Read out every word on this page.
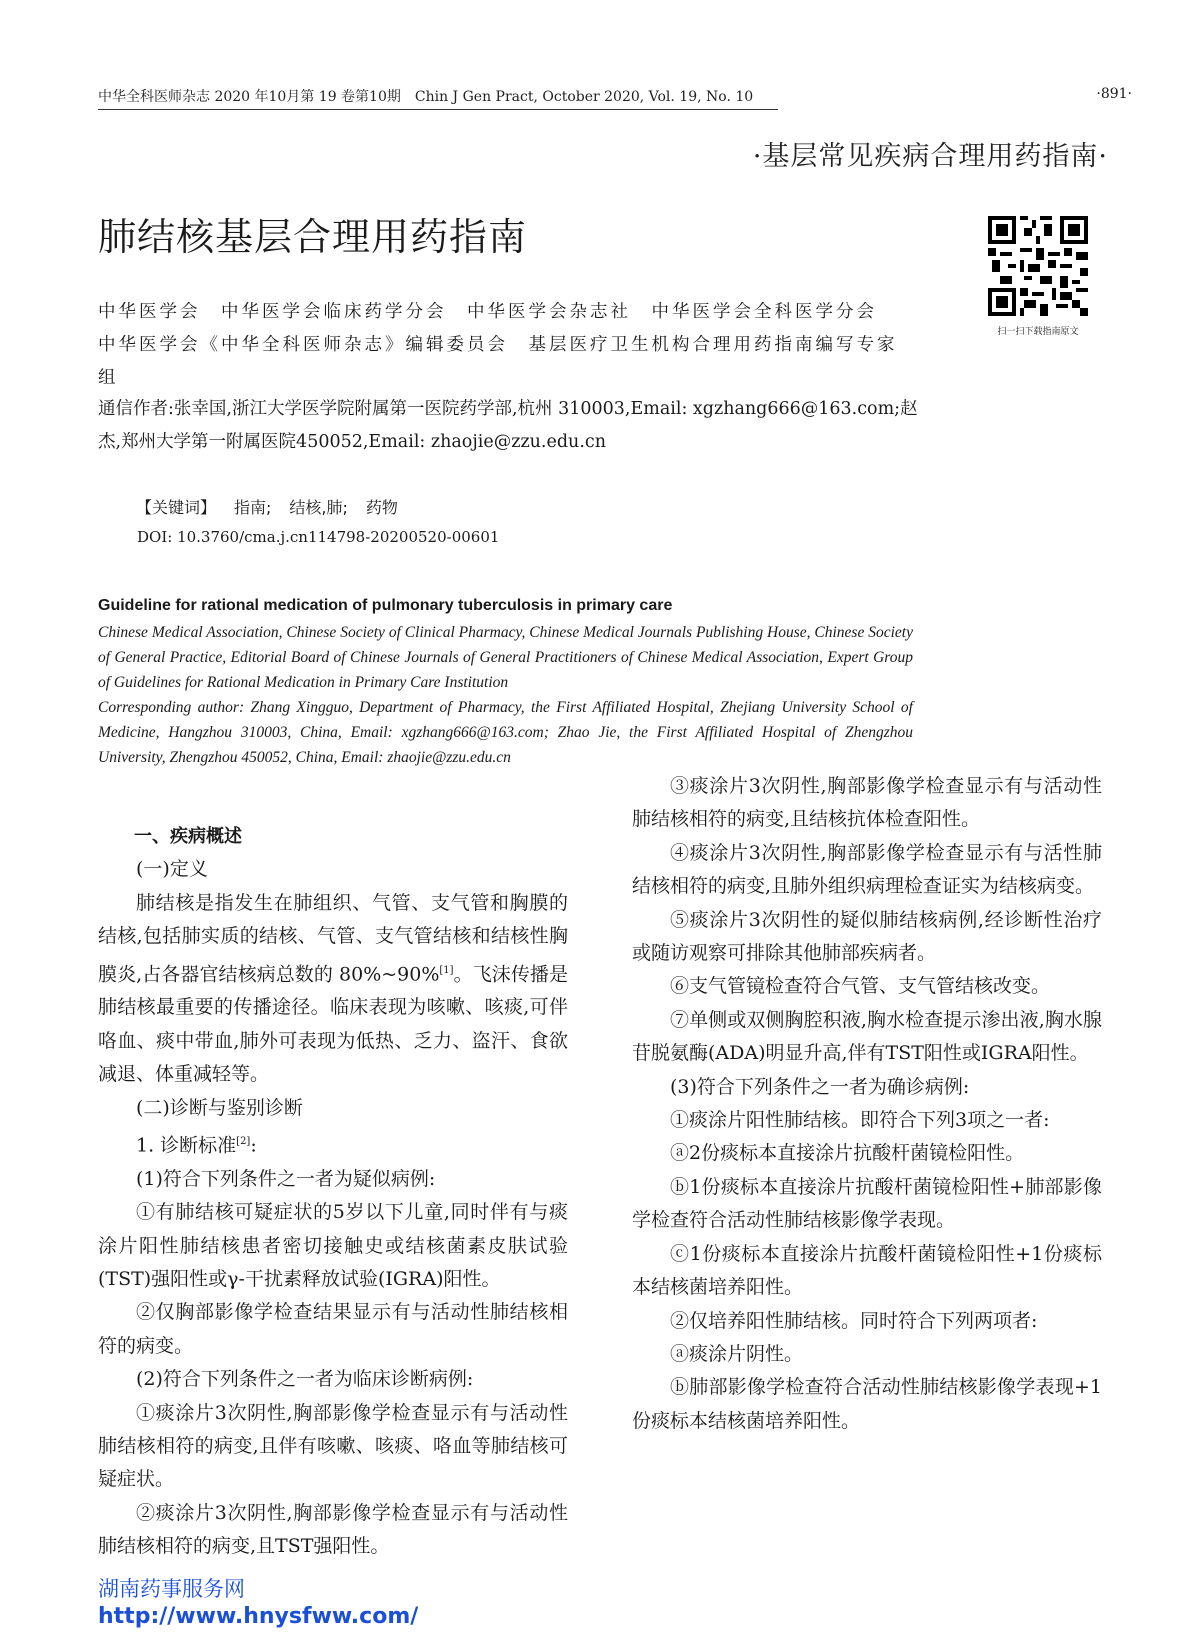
中华全科医师杂志 2020 年10月第 19 卷第10期　Chin J Gen Pract, October 2020, Vol. 19, No. 10	·891·
·基层常见疾病合理用药指南·
肺结核基层合理用药指南
扫一扫下载指南原文
中华医学会　中华医学会临床药学分会　中华医学会杂志社　中华医学会全科医学分会　中华医学会《中华全科医师杂志》编辑委员会　基层医疗卫生机构合理用药指南编写专家组
通信作者:张幸国,浙江大学医学院附属第一医院药学部,杭州 310003,Email: xgzhang666@163.com;赵杰,郑州大学第一附属医院450052,Email: zhaojie@zzu.edu.cn
【关键词】 指南; 结核,肺; 药物
DOI: 10.3760/cma.j.cn114798-20200520-00601
Guideline for rational medication of pulmonary tuberculosis in primary care
Chinese Medical Association, Chinese Society of Clinical Pharmacy, Chinese Medical Journals Publishing House, Chinese Society of General Practice, Editorial Board of Chinese Journals of General Practitioners of Chinese Medical Association, Expert Group of Guidelines for Rational Medication in Primary Care Institution
Corresponding author: Zhang Xingguo, Department of Pharmacy, the First Affiliated Hospital, Zhejiang University School of Medicine, Hangzhou 310003, China, Email: xgzhang666@163.com; Zhao Jie, the First Affiliated Hospital of Zhengzhou University, Zhengzhou 450052, China, Email: zhaojie@zzu.edu.cn

一、疾病概述

(一)定义

肺结核是指发生在肺组织、气管、支气管和胸膜的结核,包括肺实质的结核、气管、支气管结核和结核性胸膜炎,占各器官结核病总数的 80%~90%[1]。飞沫传播是肺结核最重要的传播途径。临床表现为咳嗽、咳痰,可伴咯血、痰中带血,肺外可表现为低热、乏力、盗汗、食欲减退、体重减轻等。

(二)诊断与鉴别诊断

1. 诊断标准[2]:

(1)符合下列条件之一者为疑似病例:

①有肺结核可疑症状的5岁以下儿童,同时伴有与痰涂片阳性肺结核患者密切接触史或结核菌素皮肤试验(TST)强阳性或γ-干扰素释放试验(IGRA)阳性。

②仅胸部影像学检查结果显示有与活动性肺结核相符的病变。

(2)符合下列条件之一者为临床诊断病例:

①痰涂片3次阴性,胸部影像学检查显示有与活动性肺结核相符的病变,且伴有咳嗽、咳痰、咯血等肺结核可疑症状。

②痰涂片3次阴性,胸部影像学检查显示有与活动性肺结核相符的病变,且TST强阳性。

③痰涂片3次阴性,胸部影像学检查显示有与活动性肺结核相符的病变,且结核抗体检查阳性。

④痰涂片3次阴性,胸部影像学检查显示有与活性肺结核相符的病变,且肺外组织病理检查证实为结核病变。

⑤痰涂片3次阴性的疑似肺结核病例,经诊断性治疗或随访观察可排除其他肺部疾病者。

⑥支气管镜检查符合气管、支气管结核改变。

⑦单侧或双侧胸腔积液,胸水检查提示渗出液,胸水腺苷脱氨酶(ADA)明显升高,伴有TST阳性或IGRA阳性。

(3)符合下列条件之一者为确诊病例:

①痰涂片阳性肺结核。即符合下列3项之一者:

ⓐ2份痰标本直接涂片抗酸杆菌镜检阳性。

ⓑ1份痰标本直接涂片抗酸杆菌镜检阳性+肺部影像学检查符合活动性肺结核影像学表现。

ⓒ1份痰标本直接涂片抗酸杆菌镜检阳性+1份痰标本结核菌培养阳性。

②仅培养阳性肺结核。同时符合下列两项者:

ⓐ痰涂片阴性。

ⓑ肺部影像学检查符合活动性肺结核影像学表现+1份痰标本结核菌培养阳性。

湖南药事服务网
http://www.hnysfww.com/
